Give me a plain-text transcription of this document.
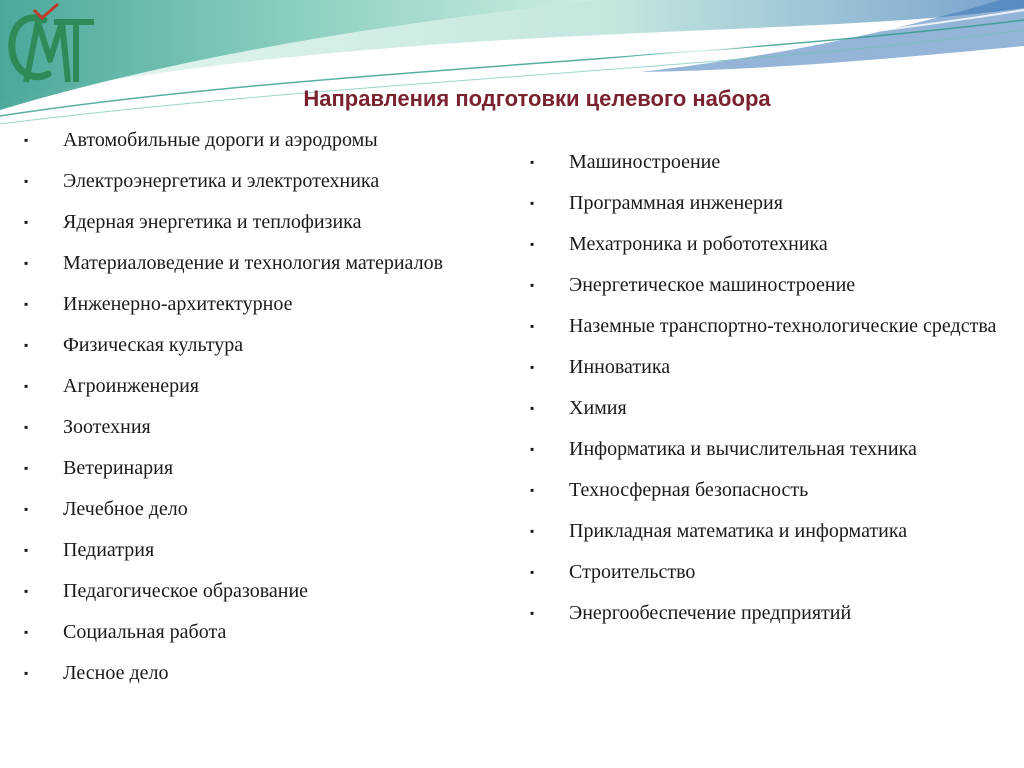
Направления подготовки целевого набора
▪ Автомобильные дороги и аэродромы
▪ Электроэнергетика и электротехника
▪ Ядерная энергетика и теплофизика
▪ Материаловедение и технология материалов
▪ Инженерно-архитектурное
▪ Физическая культура
▪ Агроинженерия
▪ Зоотехния
▪ Ветеринария
▪ Лечебное дело
▪ Педиатрия
▪ Педагогическое образование
▪ Социальная работа
▪ Лесное дело
▪ Машиностроение
▪ Программная инженерия
▪ Мехатроника и робототехника
▪ Энергетическое машиностроение
▪ Наземные транспортно-технологические средства
▪ Инноватика
▪ Химия
▪ Информатика и вычислительная техника
▪ Техносферная безопасность
▪ Прикладная математика и информатика
▪ Строительство
▪ Энергообеспечение предприятий
